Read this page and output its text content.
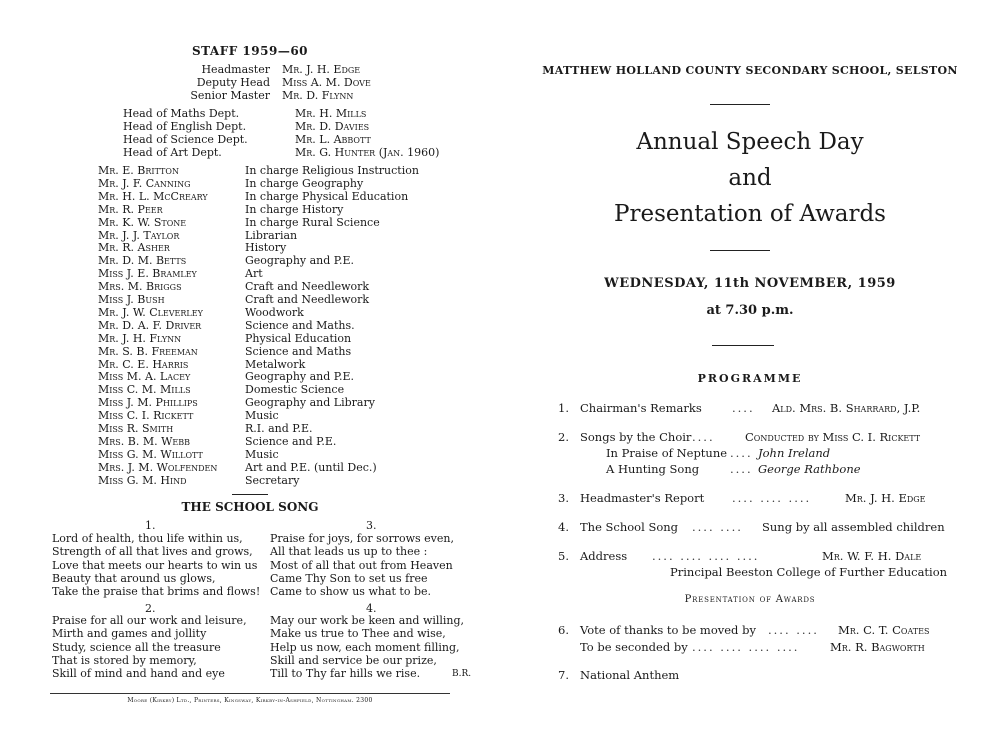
STAFF 1959—60
Headmaster Mr. J. H. Edge
Deputy Head Miss A. M. Dove
Senior Master Mr. D. Flynn
Head of Maths Dept.	Mr. H. Mills
Head of English Dept.	Mr. D. Davies
Head of Science Dept.	Mr. L. Abbott
Head of Art Dept.	Mr. G. Hunter (Jan. 1960)
Mr. E. Britton	In charge Religious Instruction
Mr. J. F. Canning	In charge Geography
Mr. H. L. McCreary	In charge Physical Education
Mr. R. Peer	In charge History
Mr. K. W. Stone	In charge Rural Science
Mr. J. J. Taylor	Librarian
Mr. R. Asher	History
Mr. D. M. Betts	Geography and P.E.
Miss J. E. Bramley	Art
Mrs. M. Briggs	Craft and Needlework
Miss J. Bush	Craft and Needlework
Mr. J. W. Cleverley	Woodwork
Mr. D. A. F. Driver	Science and Maths.
Mr. J. H. Flynn	Physical Education
Mr. S. B. Freeman	Science and Maths
Mr. C. E. Harris	Metalwork
Miss M. A. Lacey	Geography and P.E.
Miss C. M. Mills	Domestic Science
Miss J. M. Phillips	Geography and Library
Miss C. I. Rickett	Music
Miss R. Smith	R.I. and P.E.
Mrs. B. M. Webb	Science and P.E.
Miss G. M. Willott	Music
Mrs. J. M. Wolfenden	Art and P.E. (until Dec.)
Miss G. M. Hind	Secretary
THE SCHOOL SONG
1.
Lord of health, thou life within us,
Strength of all that lives and grows,
Love that meets our hearts to win us
Beauty that around us glows,
Take the praise that brims and flows!
2.
Praise for all our work and leisure,
Mirth and games and jollity
Study, science all the treasure
That is stored by memory,
Skill of mind and hand and eye
3.
Praise for joys, for sorrows even,
All that leads us up to thee :
Most of all that out from Heaven
Came Thy Son to set us free
Came to show us what to be.
4.
May our work be keen and willing,
Make us true to Thee and wise,
Help us now, each moment filling,
Skill and service be our prize,
Till to Thy far hills we rise.	B.R.
Moore (Kirkby) Ltd., Printers, Kingsway, Kirkby-in-Ashfield, Nottingham. 2300
MATTHEW HOLLAND COUNTY SECONDARY SCHOOL, SELSTON
Annual Speech Day
and
Presentation of Awards
WEDNESDAY, 11th NOVEMBER, 1959
at 7.30 p.m.
PROGRAMME
1. Chairman's Remarks	.... Ald. Mrs. B. Sharrard, J.P.
2. Songs by the Choir ....	Conducted by Miss C. I. Rickett
In Praise of Neptune .... John Ireland
A Hunting Song	.... George Rathbone
3. Headmaster's Report .... .... ....	Mr. J. H. Edge
4. The School Song .... .... Sung by all assembled children
5. Address .... .... .... ....	Mr. W. F. H. Dale
Principal Beeston College of Further Education
Presentation of Awards
6. Vote of thanks to be moved by .... .... Mr. C. T. Coates
To be seconded by .... .... .... ....	Mr. R. Bagworth
7. National Anthem
